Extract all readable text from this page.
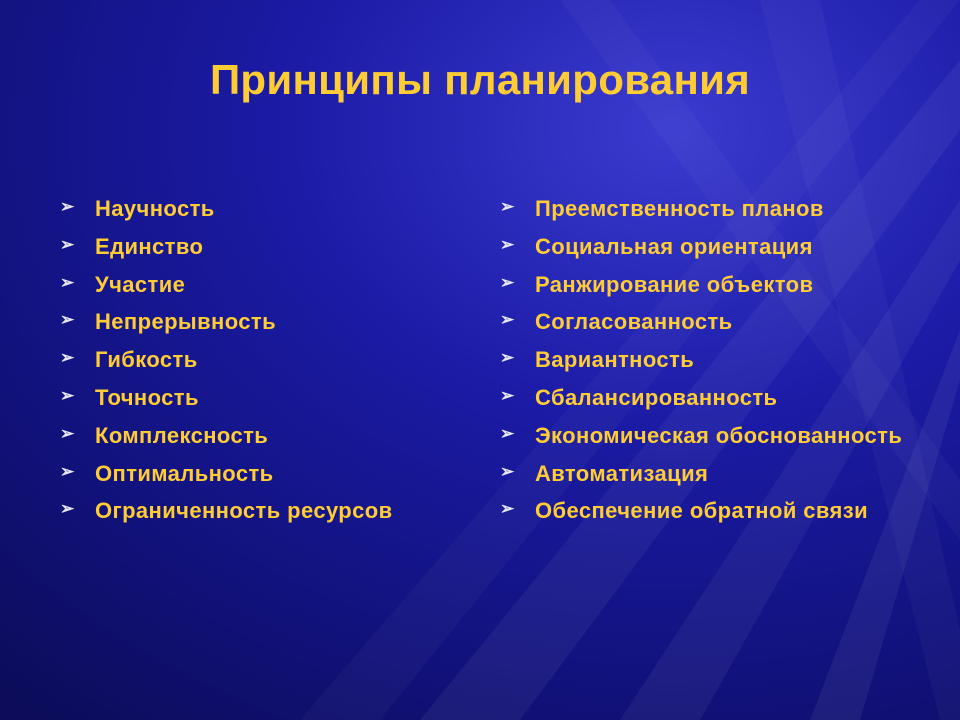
Принципы планирования
➢ Научность
➢ Единство
➢ Участие
➢ Непрерывность
➢ Гибкость
➢ Точность
➢ Комплексность
➢ Оптимальность
➢ Ограниченность ресурсов
➢ Преемственность планов
➢ Социальная ориентация
➢ Ранжирование объектов
➢ Согласованность
➢ Вариантность
➢ Сбалансированность
➢ Экономическая обоснованность
➢ Автоматизация
➢ Обеспечение обратной связи
